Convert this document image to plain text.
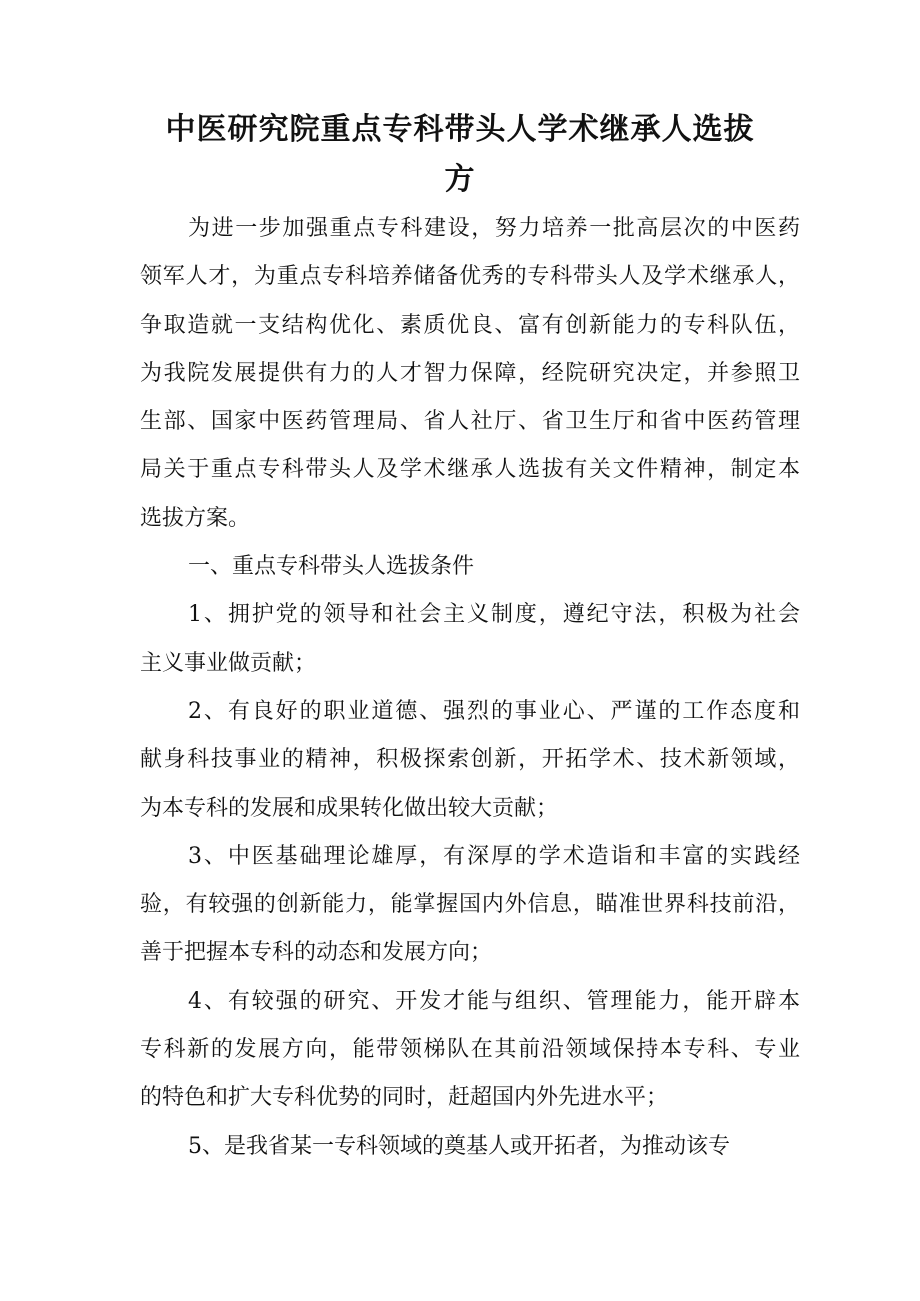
中医研究院重点专科带头人学术继承人选拔
方

为进一步加强重点专科建设，努力培养一批高层次的中医药
领军人才，为重点专科培养储备优秀的专科带头人及学术继承人，
争取造就一支结构优化、素质优良、富有创新能力的专科队伍，
为我院发展提供有力的人才智力保障，经院研究决定，并参照卫
生部、国家中医药管理局、省人社厅、省卫生厅和省中医药管理
局关于重点专科带头人及学术继承人选拔有关文件精神，制定本
选拔方案。

一、重点专科带头人选拔条件

1、拥护党的领导和社会主义制度，遵纪守法，积极为社会
主义事业做贡献；

2、有良好的职业道德、强烈的事业心、严谨的工作态度和
献身科技事业的精神，积极探索创新，开拓学术、技术新领域，
为本专科的发展和成果转化做出较大贡献；

3、中医基础理论雄厚，有深厚的学术造诣和丰富的实践经
验，有较强的创新能力，能掌握国内外信息，瞄准世界科技前沿，
善于把握本专科的动态和发展方向；

4、有较强的研究、开发才能与组织、管理能力，能开辟本
专科新的发展方向，能带领梯队在其前沿领域保持本专科、专业
的特色和扩大专科优势的同时，赶超国内外先进水平；

5、是我省某一专科领域的奠基人或开拓者，为推动该专
